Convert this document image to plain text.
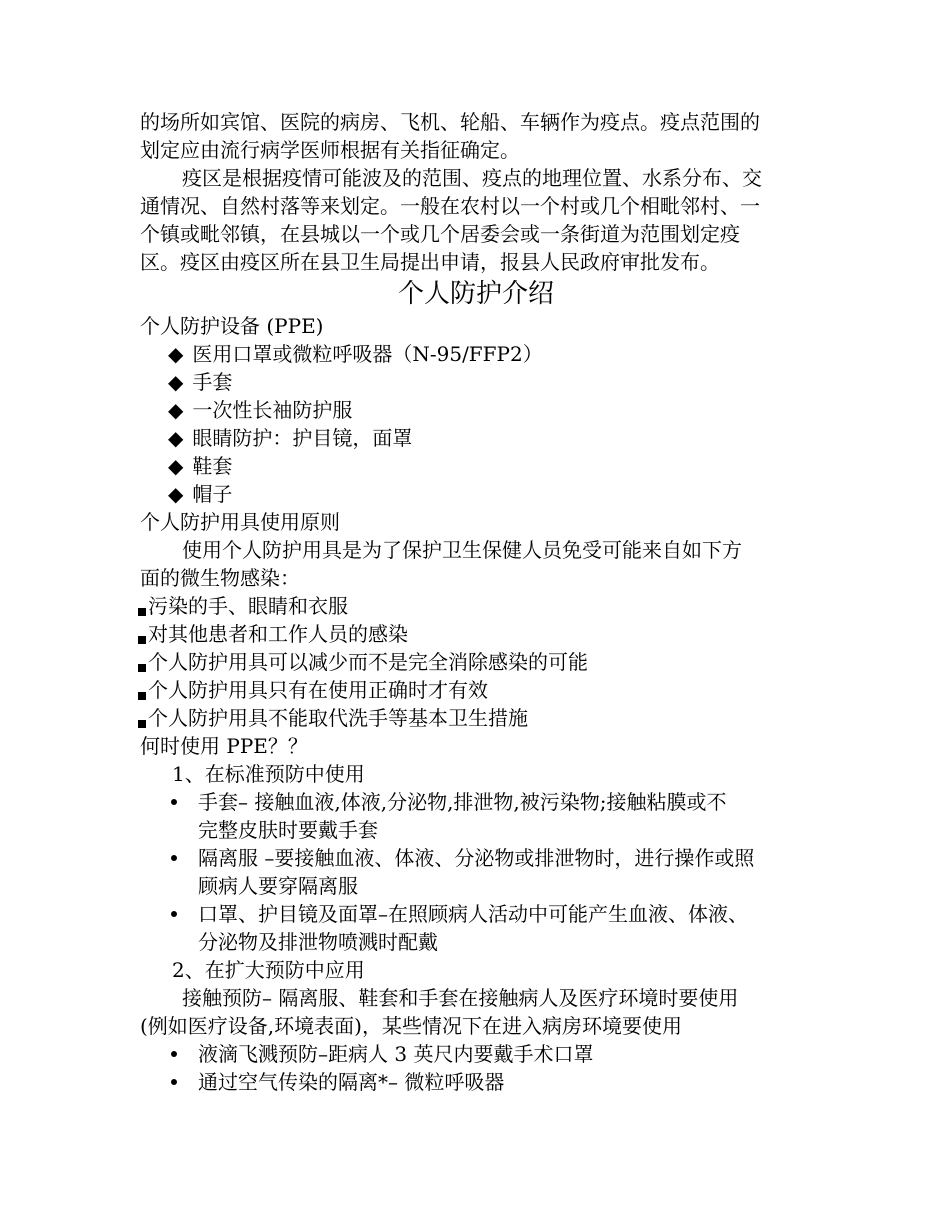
的场所如宾馆、医院的病房、飞机、轮船、车辆作为疫点。疫点范围的
划定应由流行病学医师根据有关指征确定。
疫区是根据疫情可能波及的范围、疫点的地理位置、水系分布、交
通情况、自然村落等来划定。一般在农村以一个村或几个相毗邻村、一
个镇或毗邻镇，在县城以一个或几个居委会或一条街道为范围划定疫
区。疫区由疫区所在县卫生局提出申请，报县人民政府审批发布。
个人防护介绍
个人防护设备 (PPE)
◆ 医用口罩或微粒呼吸器（N-95/FFP2）
◆ 手套
◆ 一次性长袖防护服
◆ 眼睛防护：护目镜，面罩
◆ 鞋套
◆ 帽子
个人防护用具使用原则
使用个人防护用具是为了保护卫生保健人员免受可能来自如下方
面的微生物感染：
污染的手、眼睛和衣服
对其他患者和工作人员的感染
个人防护用具可以减少而不是完全消除感染的可能
个人防护用具只有在使用正确时才有效
个人防护用具不能取代洗手等基本卫生措施
何时使用 PPE？？
1、在标准预防中使用
手套– 接触血液,体液,分泌物,排泄物,被污染物;接触粘膜或不
完整皮肤时要戴手套
隔离服 –要接触血液、体液、分泌物或排泄物时，进行操作或照
顾病人要穿隔离服
口罩、护目镜及面罩–在照顾病人活动中可能产生血液、体液、
分泌物及排泄物喷溅时配戴
2、在扩大预防中应用
接触预防– 隔离服、鞋套和手套在接触病人及医疗环境时要使用
(例如医疗设备,环境表面)，某些情况下在进入病房环境要使用
液滴飞溅预防–距病人 3 英尺内要戴手术口罩
通过空气传染的隔离*– 微粒呼吸器
